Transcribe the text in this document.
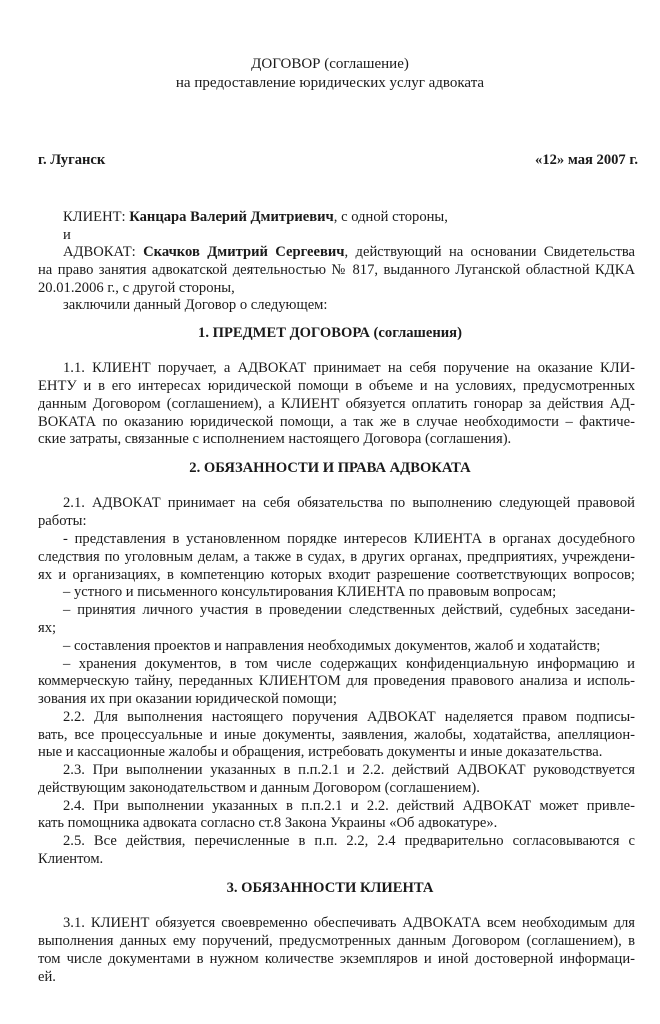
ДОГОВОР (соглашение)
на предоставление юридических услуг адвоката
г. Луганск	«12» мая 2007 г.
КЛИЕНТ: Канцара Валерий Дмитриевич, с одной стороны,
и
АДВОКАТ: Скачков Дмитрий Сергеевич, действующий на основании Свидетельства
на право занятия адвокатской деятельностью № 817, выданного Луганской областной КДКА
20.01.2006 г., с другой стороны,
заключили данный Договор о следующем:
1. ПРЕДМЕТ ДОГОВОРА (соглашения)
1.1. КЛИЕНТ поручает, а АДВОКАТ принимает на себя поручение на оказание КЛИ-
ЕНТУ и в его интересах юридической помощи в объеме и на условиях, предусмотренных
данным Договором (соглашением), а КЛИЕНТ обязуется оплатить гонорар за действия АД-
ВОКАТА по оказанию юридической помощи, а так же в случае необходимости – фактиче-
ские затраты, связанные с исполнением настоящего Договора (соглашения).
2. ОБЯЗАННОСТИ И ПРАВА АДВОКАТА
2.1. АДВОКАТ принимает на себя обязательства по выполнению следующей правовой
работы:
- представления в установленном порядке интересов КЛИЕНТА в органах досудебного
следствия по уголовным делам, а также в судах, в других органах, предприятиях, учреждени-
ях и организациях, в компетенцию которых входит разрешение соответствующих вопросов;
– устного и письменного консультирования КЛИЕНТА по правовым вопросам;
– принятия личного участия в проведении следственных действий, судебных заседани-
ях;
– составления проектов и направления необходимых документов, жалоб и ходатайств;
– хранения документов, в том числе содержащих конфиденциальную информацию и
коммерческую тайну, переданных КЛИЕНТОМ для проведения правового анализа и исполь-
зования их при оказании юридической помощи;
2.2. Для выполнения настоящего поручения АДВОКАТ наделяется правом подписы-
вать, все процессуальные и иные документы, заявления, жалобы, ходатайства, апелляцион-
ные и кассационные жалобы и обращения, истребовать документы и иные доказательства.
2.3. При выполнении указанных в п.п.2.1 и 2.2. действий АДВОКАТ руководствуется
действующим законодательством и данным Договором (соглашением).
2.4. При выполнении указанных в п.п.2.1 и 2.2. действий АДВОКАТ может привле-
кать помощника адвоката согласно ст.8 Закона Украины «Об адвокатуре».
2.5. Все действия, перечисленные в п.п. 2.2, 2.4 предварительно согласовываются с
Клиентом.
3. ОБЯЗАННОСТИ КЛИЕНТА
3.1. КЛИЕНТ обязуется своевременно обеспечивать АДВОКАТА всем необходимым для
выполнения данных ему поручений, предусмотренных данным Договором (соглашением), в
том числе документами в нужном количестве экземпляров и иной достоверной информаци-
ей.
